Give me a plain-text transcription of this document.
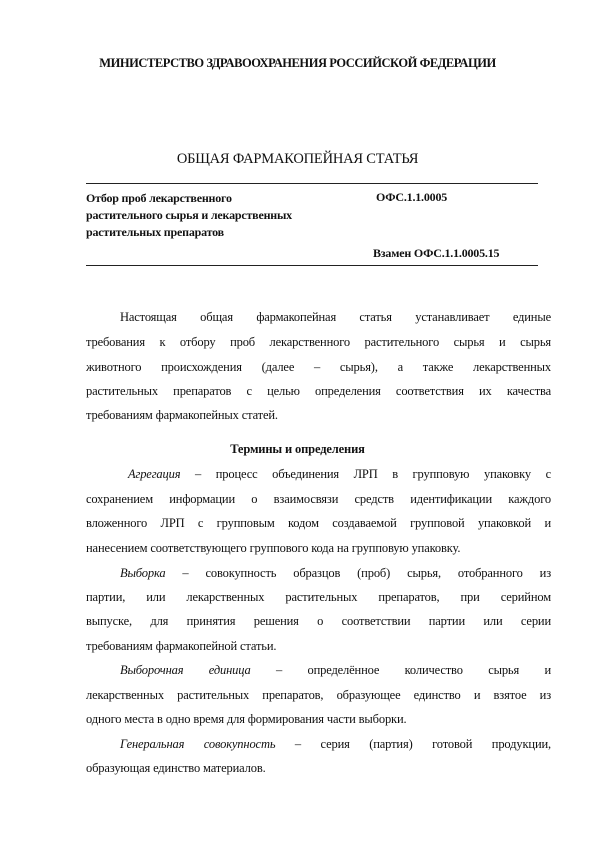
МИНИСТЕРСТВО ЗДРАВООХРАНЕНИЯ РОССИЙСКОЙ ФЕДЕРАЦИИ
ОБЩАЯ ФАРМАКОПЕЙНАЯ СТАТЬЯ
Отбор проб лекарственного
растительного сырья и лекарственных
растительных препаратов
ОФС.1.1.0005
Взамен ОФС.1.1.0005.15
Настоящая общая фармакопейная статья устанавливает единые
требования к отбору проб лекарственного растительного сырья и сырья
животного происхождения (далее – сырья), а также лекарственных
растительных препаратов с целью определения соответствия их качества
требованиям фармакопейных статей.
Термины и определения
Агрегация – процесс объединения ЛРП в групповую упаковку с
сохранением информации о взаимосвязи средств идентификации каждого
вложенного ЛРП с групповым кодом создаваемой групповой упаковкой и
нанесением соответствующего группового кода на групповую упаковку.
Выборка – совокупность образцов (проб) сырья, отобранного из
партии, или лекарственных растительных препаратов, при серийном
выпуске, для принятия решения о соответствии партии или серии
требованиям фармакопейной статьи.
Выборочная единица – определённое количество сырья и
лекарственных растительных препаратов, образующее единство и взятое из
одного места в одно время для формирования части выборки.
Генеральная совокупность – серия (партия) готовой продукции,
образующая единство материалов.
